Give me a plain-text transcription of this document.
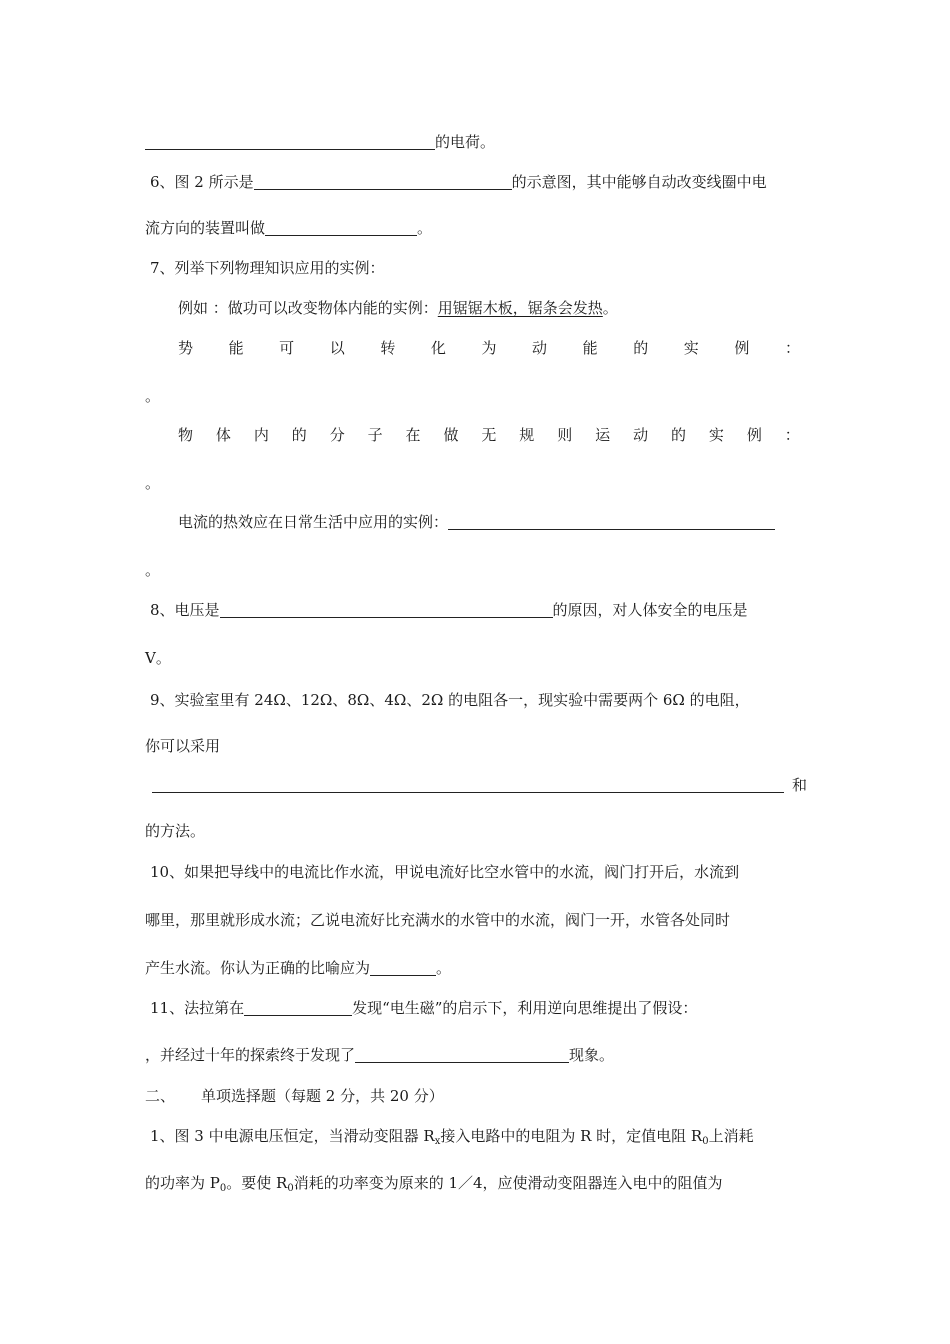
的电荷。
6、图 2 所示是	的示意图，其中能够自动改变线圈中电
流方向的装置叫做	。
7、列举下列物理知识应用的实例：
例如 ：做功可以改变物体内能的实例：用锯锯木板，锯条会发热。
势 能 可 以 转 化 为 动 能 的 实 例 ：
。
物 体 内 的 分 子 在 做 无 规 则 运 动 的 实 例 ：
。
电流的热效应在日常生活中应用的实例：
。
8、电压是	的原因，对人体安全的电压是
V。
9、实验室里有 24Ω、12Ω、8Ω、4Ω、2Ω 的电阻各一，现实验中需要两个 6Ω 的电阻，
你可以采用
和
的方法。
10、如果把导线中的电流比作水流，甲说电流好比空水管中的水流，阀门打开后，水流到
哪里，那里就形成水流；乙说电流好比充满水的水管中的水流，阀门一开，水管各处同时
产生水流。你认为正确的比喻应为	。
11、法拉第在	发现“电生磁”的启示下，利用逆向思维提出了假设：
，并经过十年的探索终于发现了	现象。
二、 单项选择题（每题 2 分，共 20 分）
1、图 3 中电源电压恒定，当滑动变阻器 $R_x$接入电路中的电阻为 R 时，定值电阻 $R_0$上消耗
的功率为 $P_0$。要使 $R_0$消耗的功率变为原来的 1／4，应使滑动变阻器连入电中的阻值为
